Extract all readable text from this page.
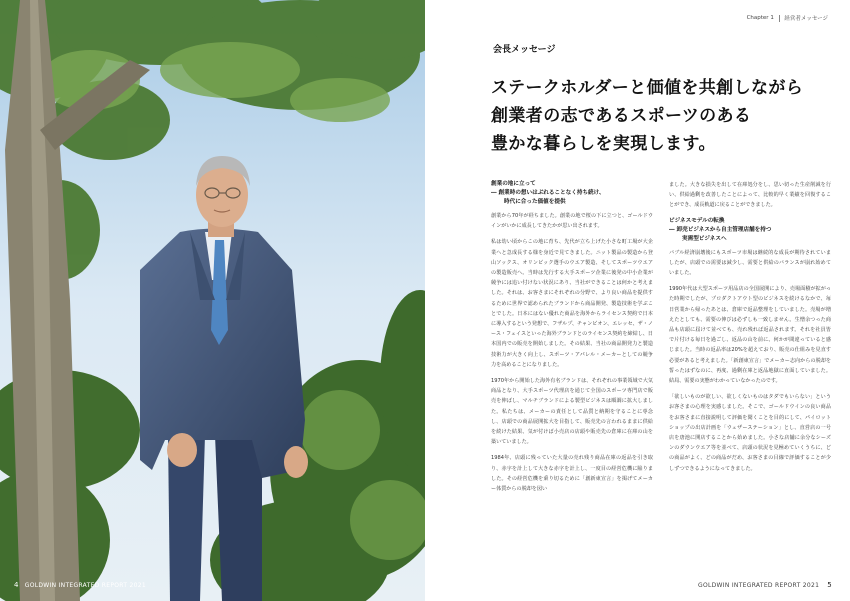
4 GOLDWIN INTEGRATED REPORT 2021
Chapter 1 経営者メッセージ
会長メッセージ
ステークホルダーと価値を共創しながら
創業者の志であるスポーツのある
豊かな暮らしを実現します。
創業の地に立って
― 創業時の想いはぶれることなく持ち続け、
時代に合った価値を提供

創業から70年が経ちました。創業の地で桜の下に立つと、ゴールドウインがいかに成長してきたかが思い出されます。

私は幼い頃からこの地に育ち、先代が立ち上げた小さな町工場が大企業へと急成長する様を身近で見てきました。ニット製品の製造から登山ソックス、オリンピック選手のウエア製造、そしてスポーツウエアの製造販売へ。当時は先行する大手スポーツ企業に後発の中小企業が競争には追い付けない状況にあり、当社ができることは何かと考えました。それは、お客さまにそれぞれの分野で、より良い商品を提供するために世界で認められたブランドから商品開発、製造技術を学ぶことでした。日本にはない優れた商品を海外からライセンス契約で日本に導入するという発想で、フザルプ、チャンピオン、エレッセ、ザ・ノース・フェイスといった海外ブランドとのライセンス契約を締結し、日本国内での販売を開始しました。その結果、当社の商品開発力と製造技術力が大きく向上し、スポーツ・アパレル・メーカーとしての競争力を高めることになりました。

1970年から開始した海外有名ブランドは、それぞれの事業領域で大気商品となり、大手スポーツ代理店を通じて全国のスポーツ専門店で販売を伸ばし、マルチブランドによる製型ビジネスは順調に拡大しました。私たちは、メーカーの責任として品質と納期を守ることに専念し、店頭での商品展開拡大を目指して、販売先の言われるままに供給を続けた結果、気が付けば小売店の店頭や販売先の倉庫に在庫の山を築いていました。

1984年、店頭に残っていた大量の売れ残り商品在庫の返品を引き取り、赤字を計上して大きな赤字を計上し、一度目の経営危機に陥りました。その経営危機を乗り切るために「創新東宣言」を掲げてメーカー体質からの脱却を図い

ました。大きな損失を出して在庫処分をし、思い切った生産削減を行い、供給過剰を改善したことによって、比較的早く業績を回復することができ、成長軌道に戻ることができました。

ビジネスモデルの転換
― 卸売ビジネスから自主管理店舗を持つ
実需型ビジネスへ

バブル経済崩壊後にもスポーツ市場は継続的な成長が期待されていましたが、店頭での需要は減少し、需要と供給のバランスが崩れ始めていました。

1990年代は大型スポーツ用品店の全国展開により、売場面積が拡がった時期でしたが、プロダクトアウト型のビジネスを続けるなかで、毎日営業から帰ったあとは、倉庫で返品整理をしていました。売場が増えたとしても、需要の伸びは必ずしも一致しません。生憎余つった商品も店頭に届けて並べても、売れ残れば返品されます。それを社員皆で片付ける毎日を過ごし、返品の山を前に、何かが間違っていると感じました。当時の返品率は20%を超えており、販売の仕組みを見直す必要があると考えました。「新創東宣言」でメーカー志向からの脱却を誓ったはずなのに、再度、過剰在庫と返品地獄に直面していました。結局、需要の実態がわかっていなかったのです。

「欲しいものが欲しい、欲しくないものはタダでもいらない」というお客さまの心理を実感しました。そこで、ゴールドウインの良い商品をお客さまに直接説明して評価を聞くことを目的にして、パイロットショップの出店計画を「ウェザーステーション」とし、直営店の一号店を唐池に開店することから始めました。小さな店舗に余分なシーズンのダウンウエア等を並べて、店頭の状況を見極めていくうちに、どの商品がよく、どの商品がだめ、お客さまの目線で評価することが少しずつできるようになってきました。

GOLDWIN INTEGRATED REPORT 2021 5
